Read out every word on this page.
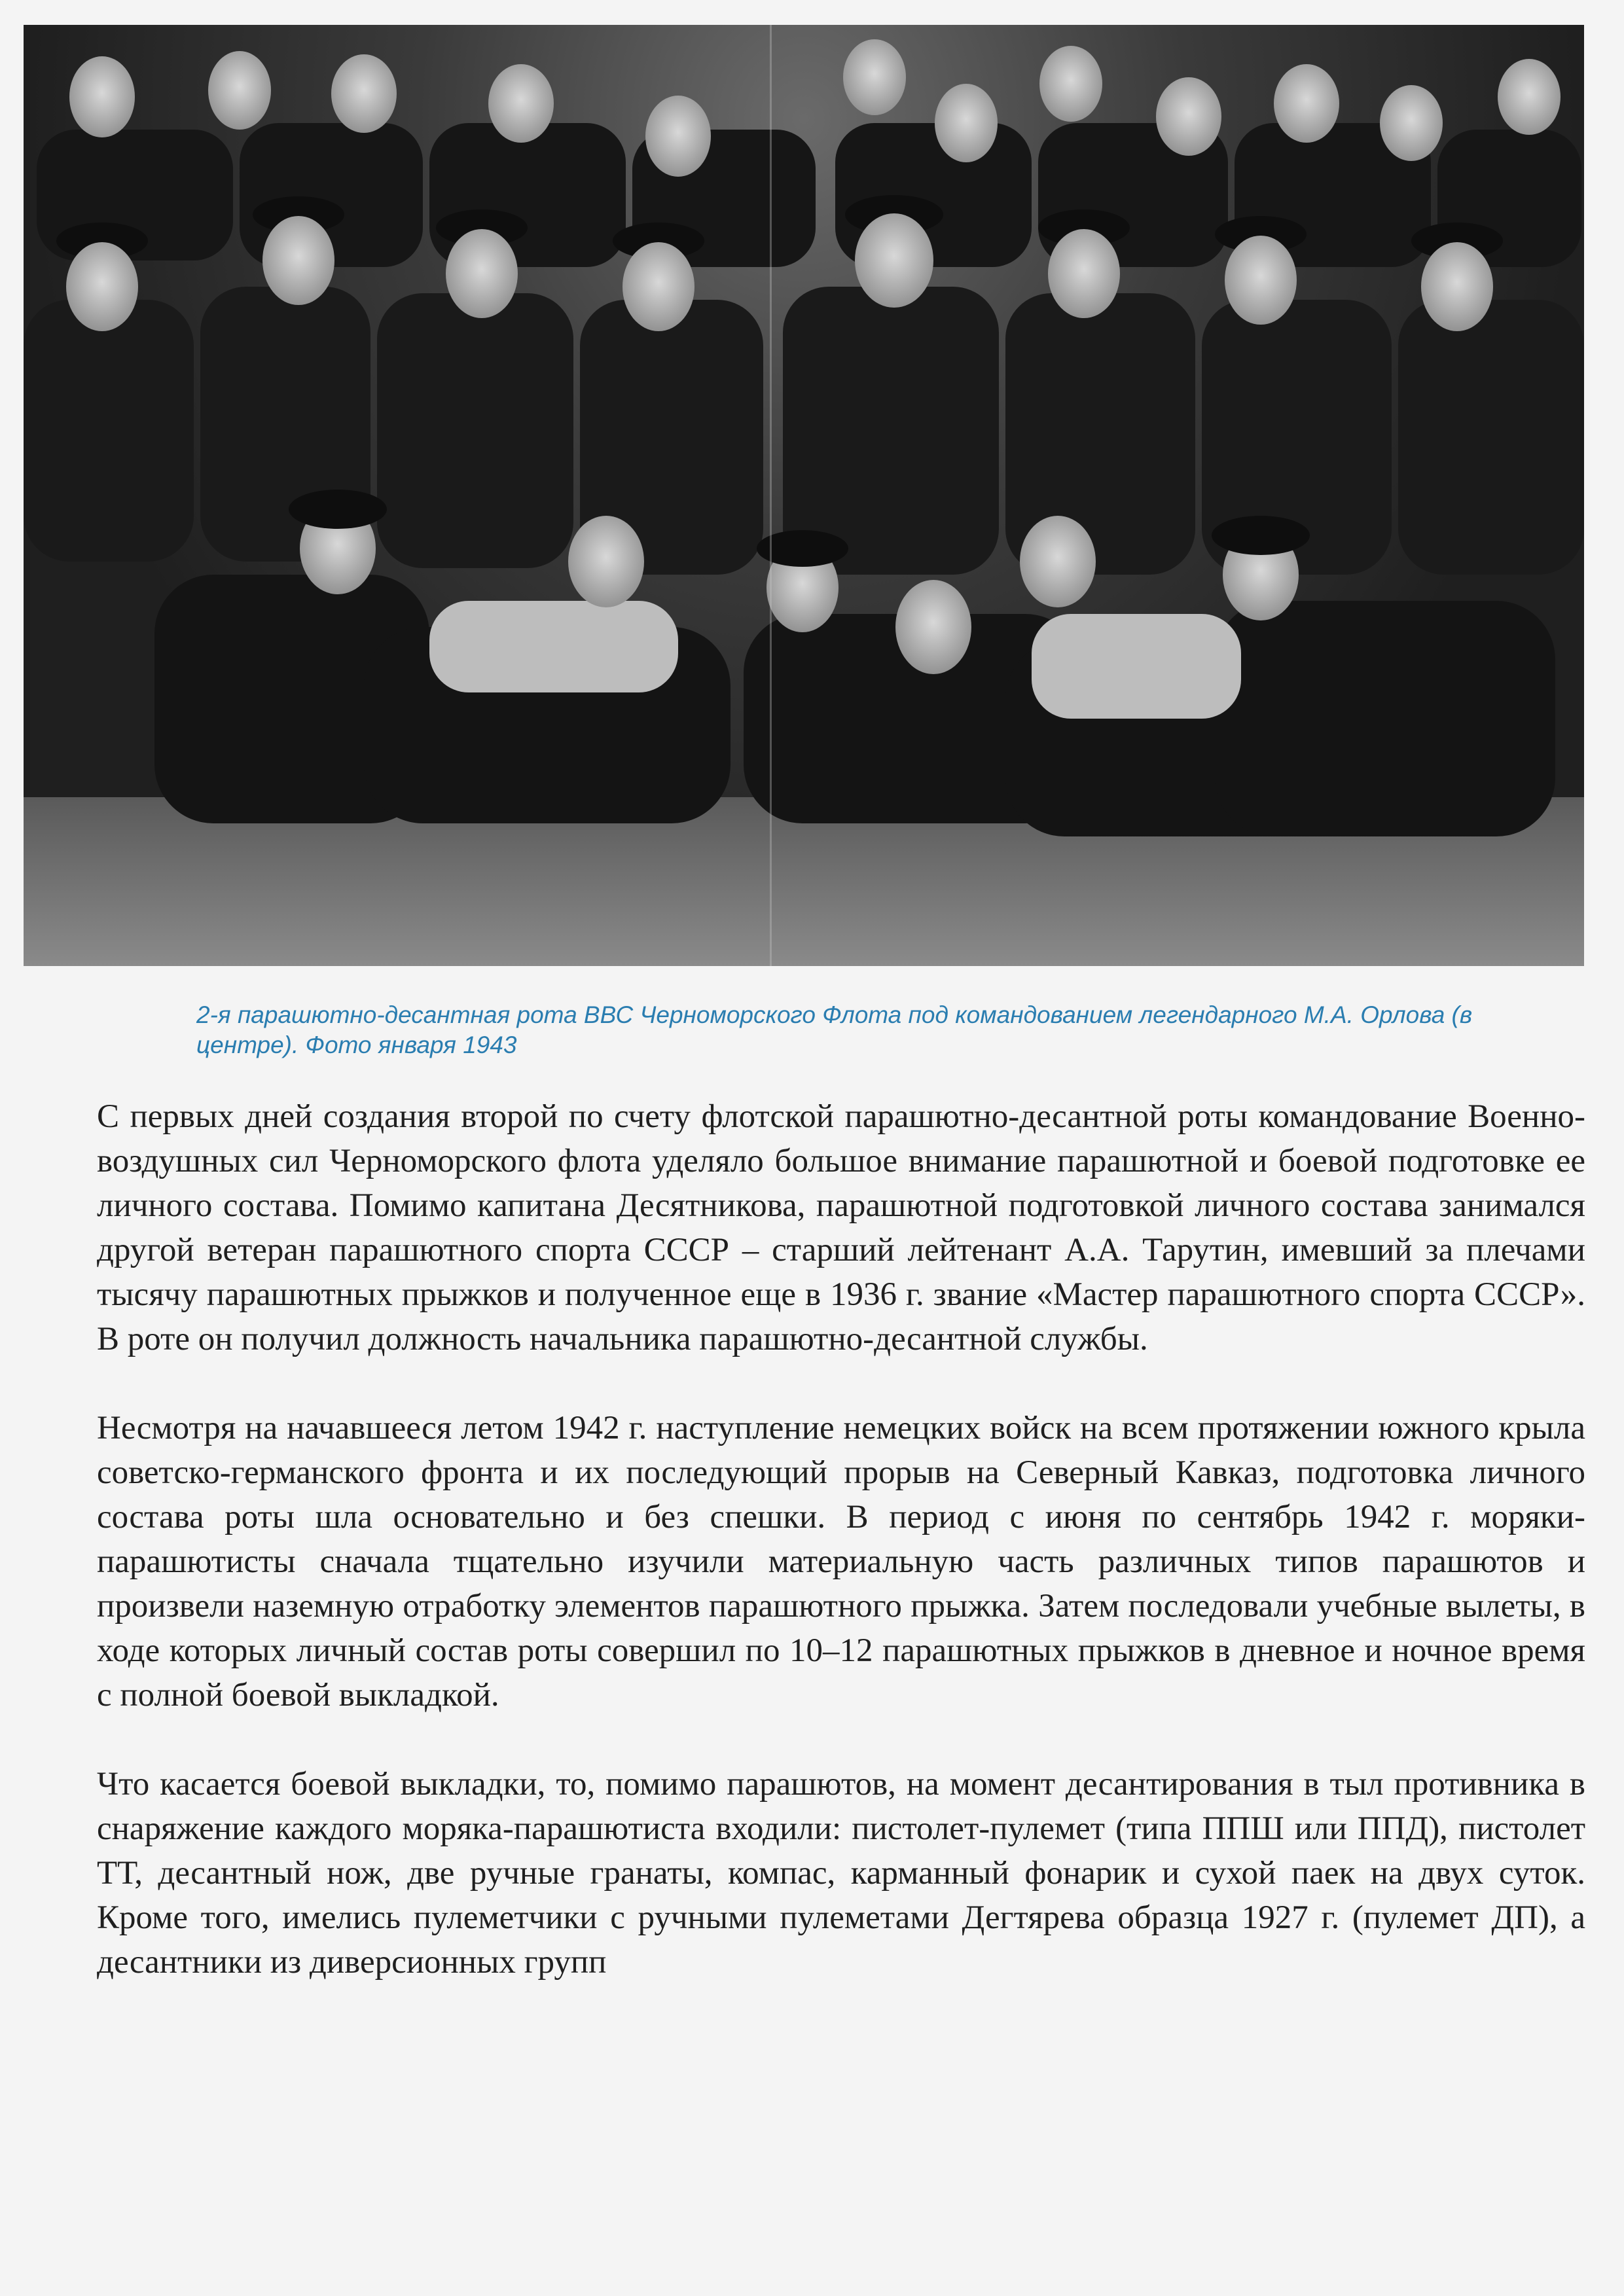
2-я парашютно-десантная рота ВВС Черноморского Флота под командованием легендарного М.А. Орлова (в центре). Фото января 1943

С первых дней создания второй по счету флотской парашютно-десантной роты командование Военно-воздушных сил Черноморского флота уделяло большое внимание парашютной и боевой подготовке ее личного состава. Помимо капитана Десятникова, парашютной подготовкой личного состава занимался другой ветеран парашютного спорта СССР – старший лейтенант А.А. Тарутин, имевший за плечами тысячу парашютных прыжков и полученное еще в 1936 г. звание «Мастер парашютного спорта СССР». В роте он получил должность начальника парашютно-десантной службы.

Несмотря на начавшееся летом 1942 г. наступление немецких войск на всем протяжении южного крыла советско-германского фронта и их последующий прорыв на Северный Кавказ, подготовка личного состава роты шла основательно и без спешки. В период с июня по сентябрь 1942 г. моряки-парашютисты сначала тщательно изучили материальную часть различных типов парашютов и произвели наземную отработку элементов парашютного прыжка. Затем последовали учебные вылеты, в ходе которых личный состав роты совершил по 10–12 парашютных прыжков в дневное и ночное время с полной боевой выкладкой.

Что касается боевой выкладки, то, помимо парашютов, на момент десантирования в тыл противника в снаряжение каждого моряка-парашютиста входили: пистолет-пулемет (типа ППШ или ППД), пистолет ТТ, десантный нож, две ручные гранаты, компас, карманный фонарик и сухой паек на двух суток. Кроме того, имелись пулеметчики с ручными пулеметами Дегтярева образца 1927 г. (пулемет ДП), а десантники из диверсионных групп
